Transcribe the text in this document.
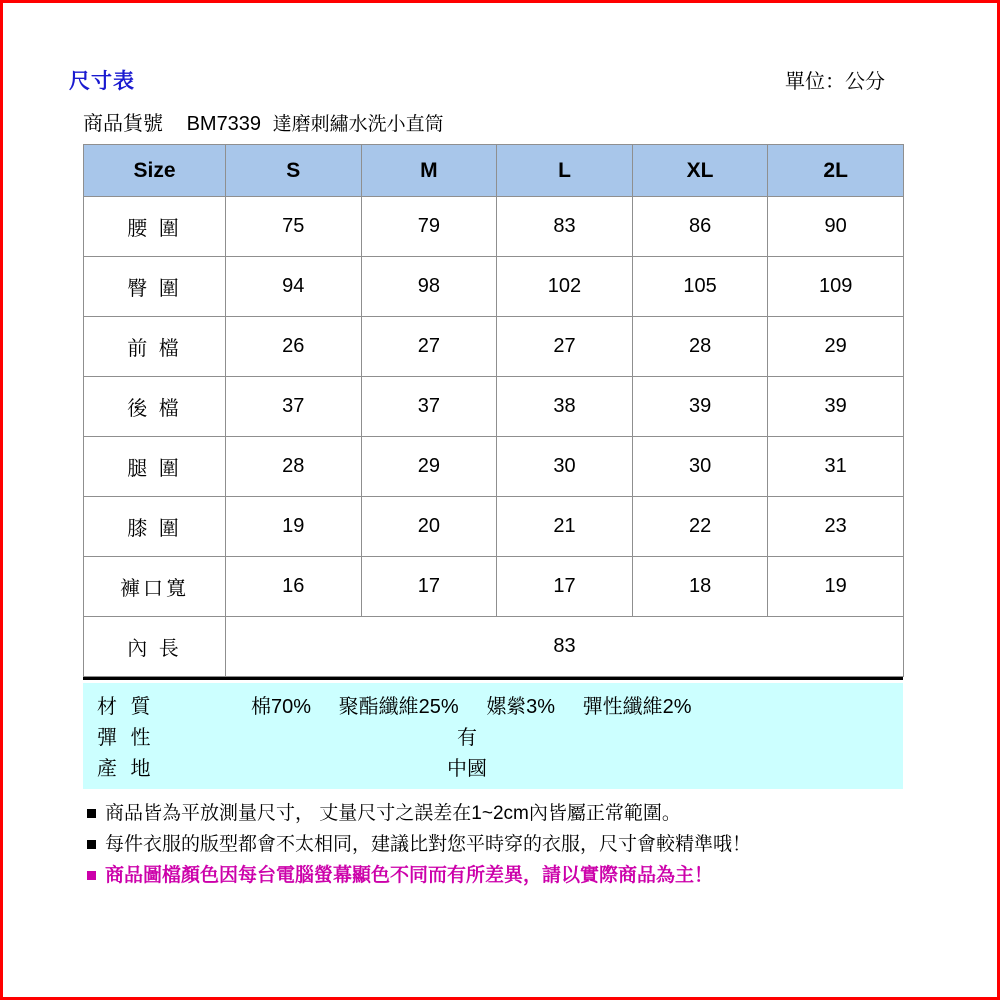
尺寸表	單位：公分
商品貨號 BM7339 達磨刺繡水洗小直筒
Size	S	M	L	XL	2L
腰 圍	75	79	83	86	90
臀 圍	94	98	102	105	109
前 檔	26	27	27	28	29
後 檔	37	37	38	39	39
腿 圍	28	29	30	30	31
膝 圍	19	20	21	22	23
褲口寬	16	17	17	18	19
內 長	83				
材 質	棉70% 聚酯纖維25% 嫘縈3% 彈性纖維2%
彈 性	有
產 地	中國
商品皆為平放測量尺寸， 丈量尺寸之誤差在1~2cm內皆屬正常範圍。
每件衣服的版型都會不太相同，建議比對您平時穿的衣服，尺寸會較精準哦！
商品圖檔顏色因每台電腦螢幕顯色不同而有所差異，請以實際商品為主！
